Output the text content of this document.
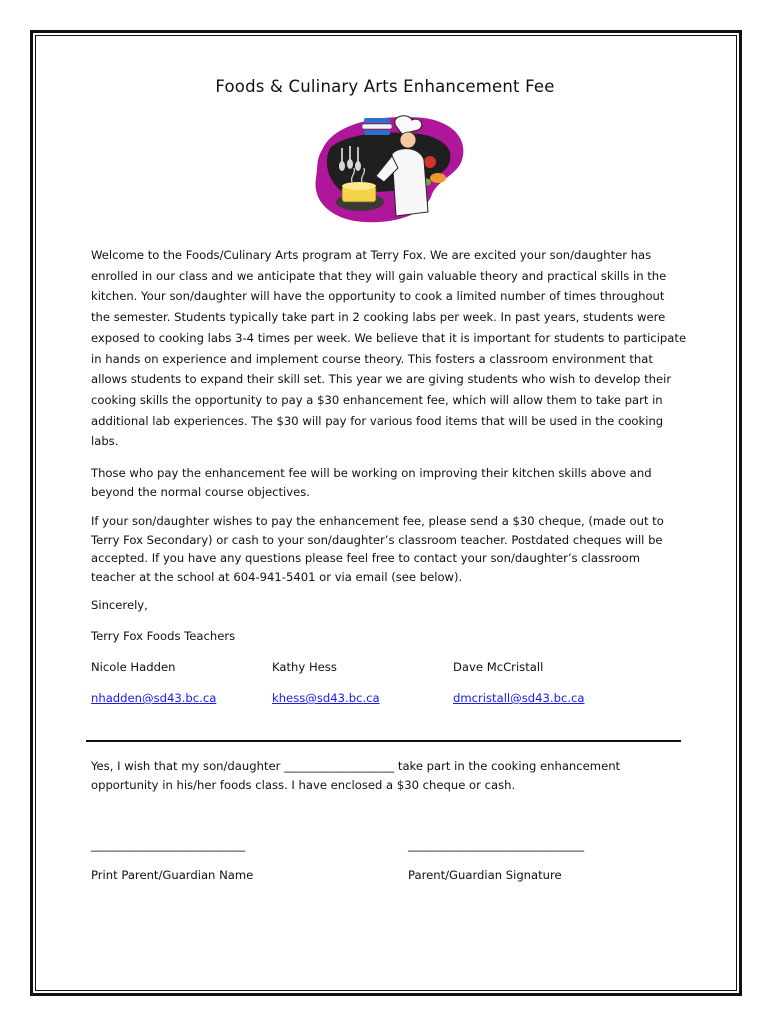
Foods & Culinary Arts Enhancement Fee

Welcome to the Foods/Culinary Arts program at Terry Fox. We are excited your son/daughter has enrolled in our class and we anticipate that they will gain valuable theory and practical skills in the kitchen. Your son/daughter will have the opportunity to cook a limited number of times throughout the semester. Students typically take part in 2 cooking labs per week. In past years, students were exposed to cooking labs 3-4 times per week. We believe that it is important for students to participate in hands on experience and implement course theory. This fosters a classroom environment that allows students to expand their skill set. This year we are giving students who wish to develop their cooking skills the opportunity to pay a $30 enhancement fee, which will allow them to take part in additional lab experiences. The $30 will pay for various food items that will be used in the cooking labs.

Those who pay the enhancement fee will be working on improving their kitchen skills above and beyond the normal course objectives.

If your son/daughter wishes to pay the enhancement fee, please send a $30 cheque, (made out to Terry Fox Secondary) or cash to your son/daughter’s classroom teacher. Postdated cheques will be accepted. If you have any questions please feel free to contact your son/daughter’s classroom teacher at the school at 604-941-5401 or via email (see below).

Sincerely,
Terry Fox Foods Teachers
Nicole Hadden	Kathy Hess	Dave McCristall
nhadden@sd43.bc.ca	khess@sd43.bc.ca	dmcristall@sd43.bc.ca

Yes, I wish that my son/daughter ___________________ take part in the cooking enhancement opportunity in his/her foods class. I have enclosed a $30 cheque or cash.

____________________________	________________________________
Print Parent/Guardian Name	Parent/Guardian Signature
